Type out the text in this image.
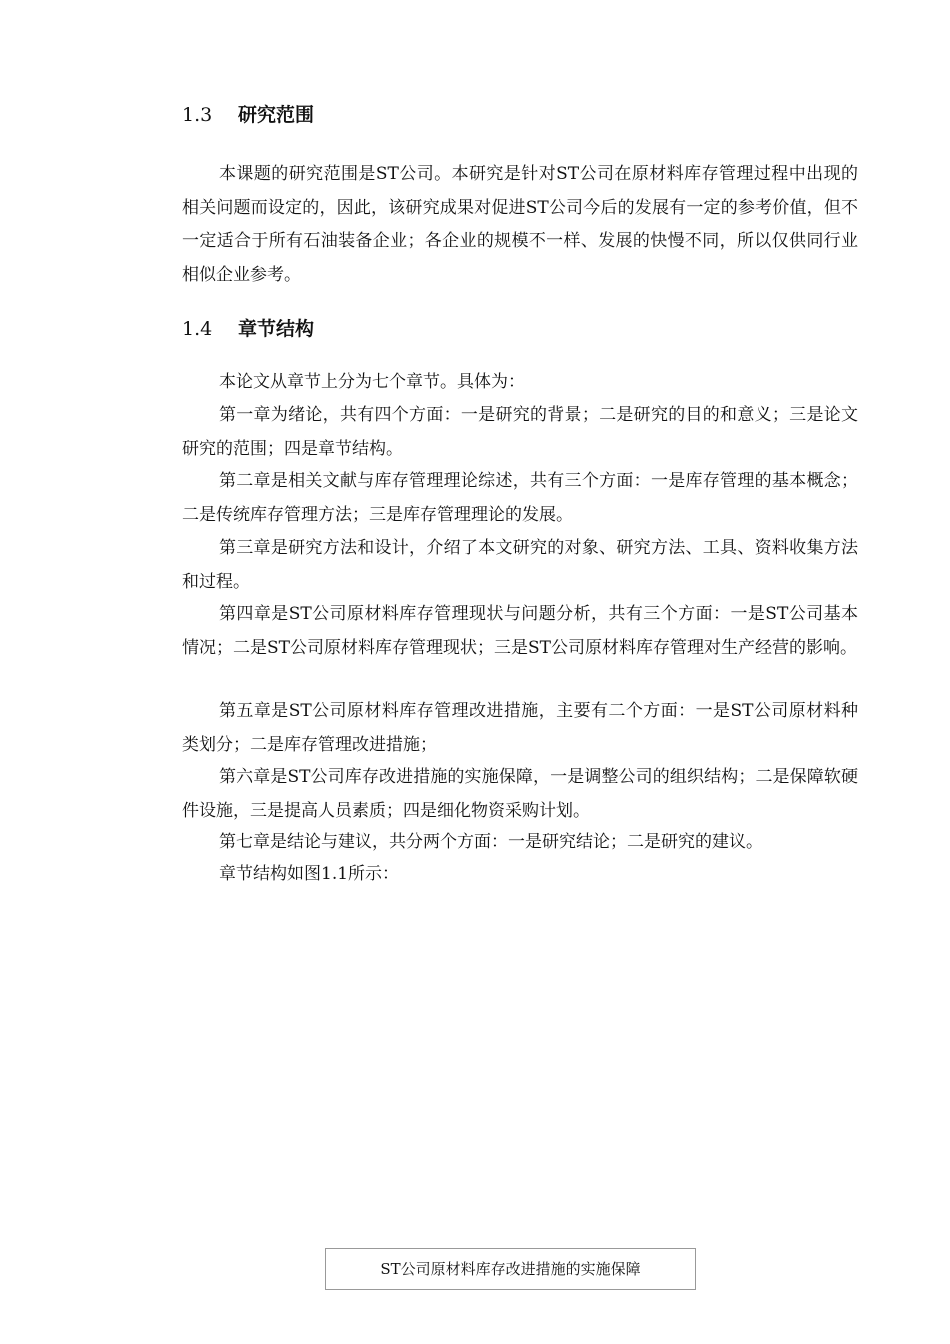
1.3 研究范围

本课题的研究范围是ST公司。本研究是针对ST公司在原材料库存管理过程中出现的相关问题而设定的，因此，该研究成果对促进ST公司今后的发展有一定的参考价值，但不一定适合于所有石油装备企业；各企业的规模不一样、发展的快慢不同，所以仅供同行业相似企业参考。

1.4 章节结构

本论文从章节上分为七个章节。具体为：

第一章为绪论，共有四个方面：一是研究的背景；二是研究的目的和意义；三是论文研究的范围；四是章节结构。

第二章是相关文献与库存管理理论综述，共有三个方面：一是库存管理的基本概念；二是传统库存管理方法；三是库存管理理论的发展。

第三章是研究方法和设计，介绍了本文研究的对象、研究方法、工具、资料收集方法和过程。

第四章是ST公司原材料库存管理现状与问题分析，共有三个方面：一是ST公司基本情况；二是ST公司原材料库存管理现状；三是ST公司原材料库存管理对生产经营的影响。

第五章是ST公司原材料库存管理改进措施，主要有二个方面：一是ST公司原材料种类划分；二是库存管理改进措施；

第六章是ST公司库存改进措施的实施保障，一是调整公司的组织结构；二是保障软硬件设施，三是提高人员素质；四是细化物资采购计划。

第七章是结论与建议，共分两个方面：一是研究结论；二是研究的建议。

章节结构如图1.1所示：

ST公司原材料库存改进措施的实施保障
